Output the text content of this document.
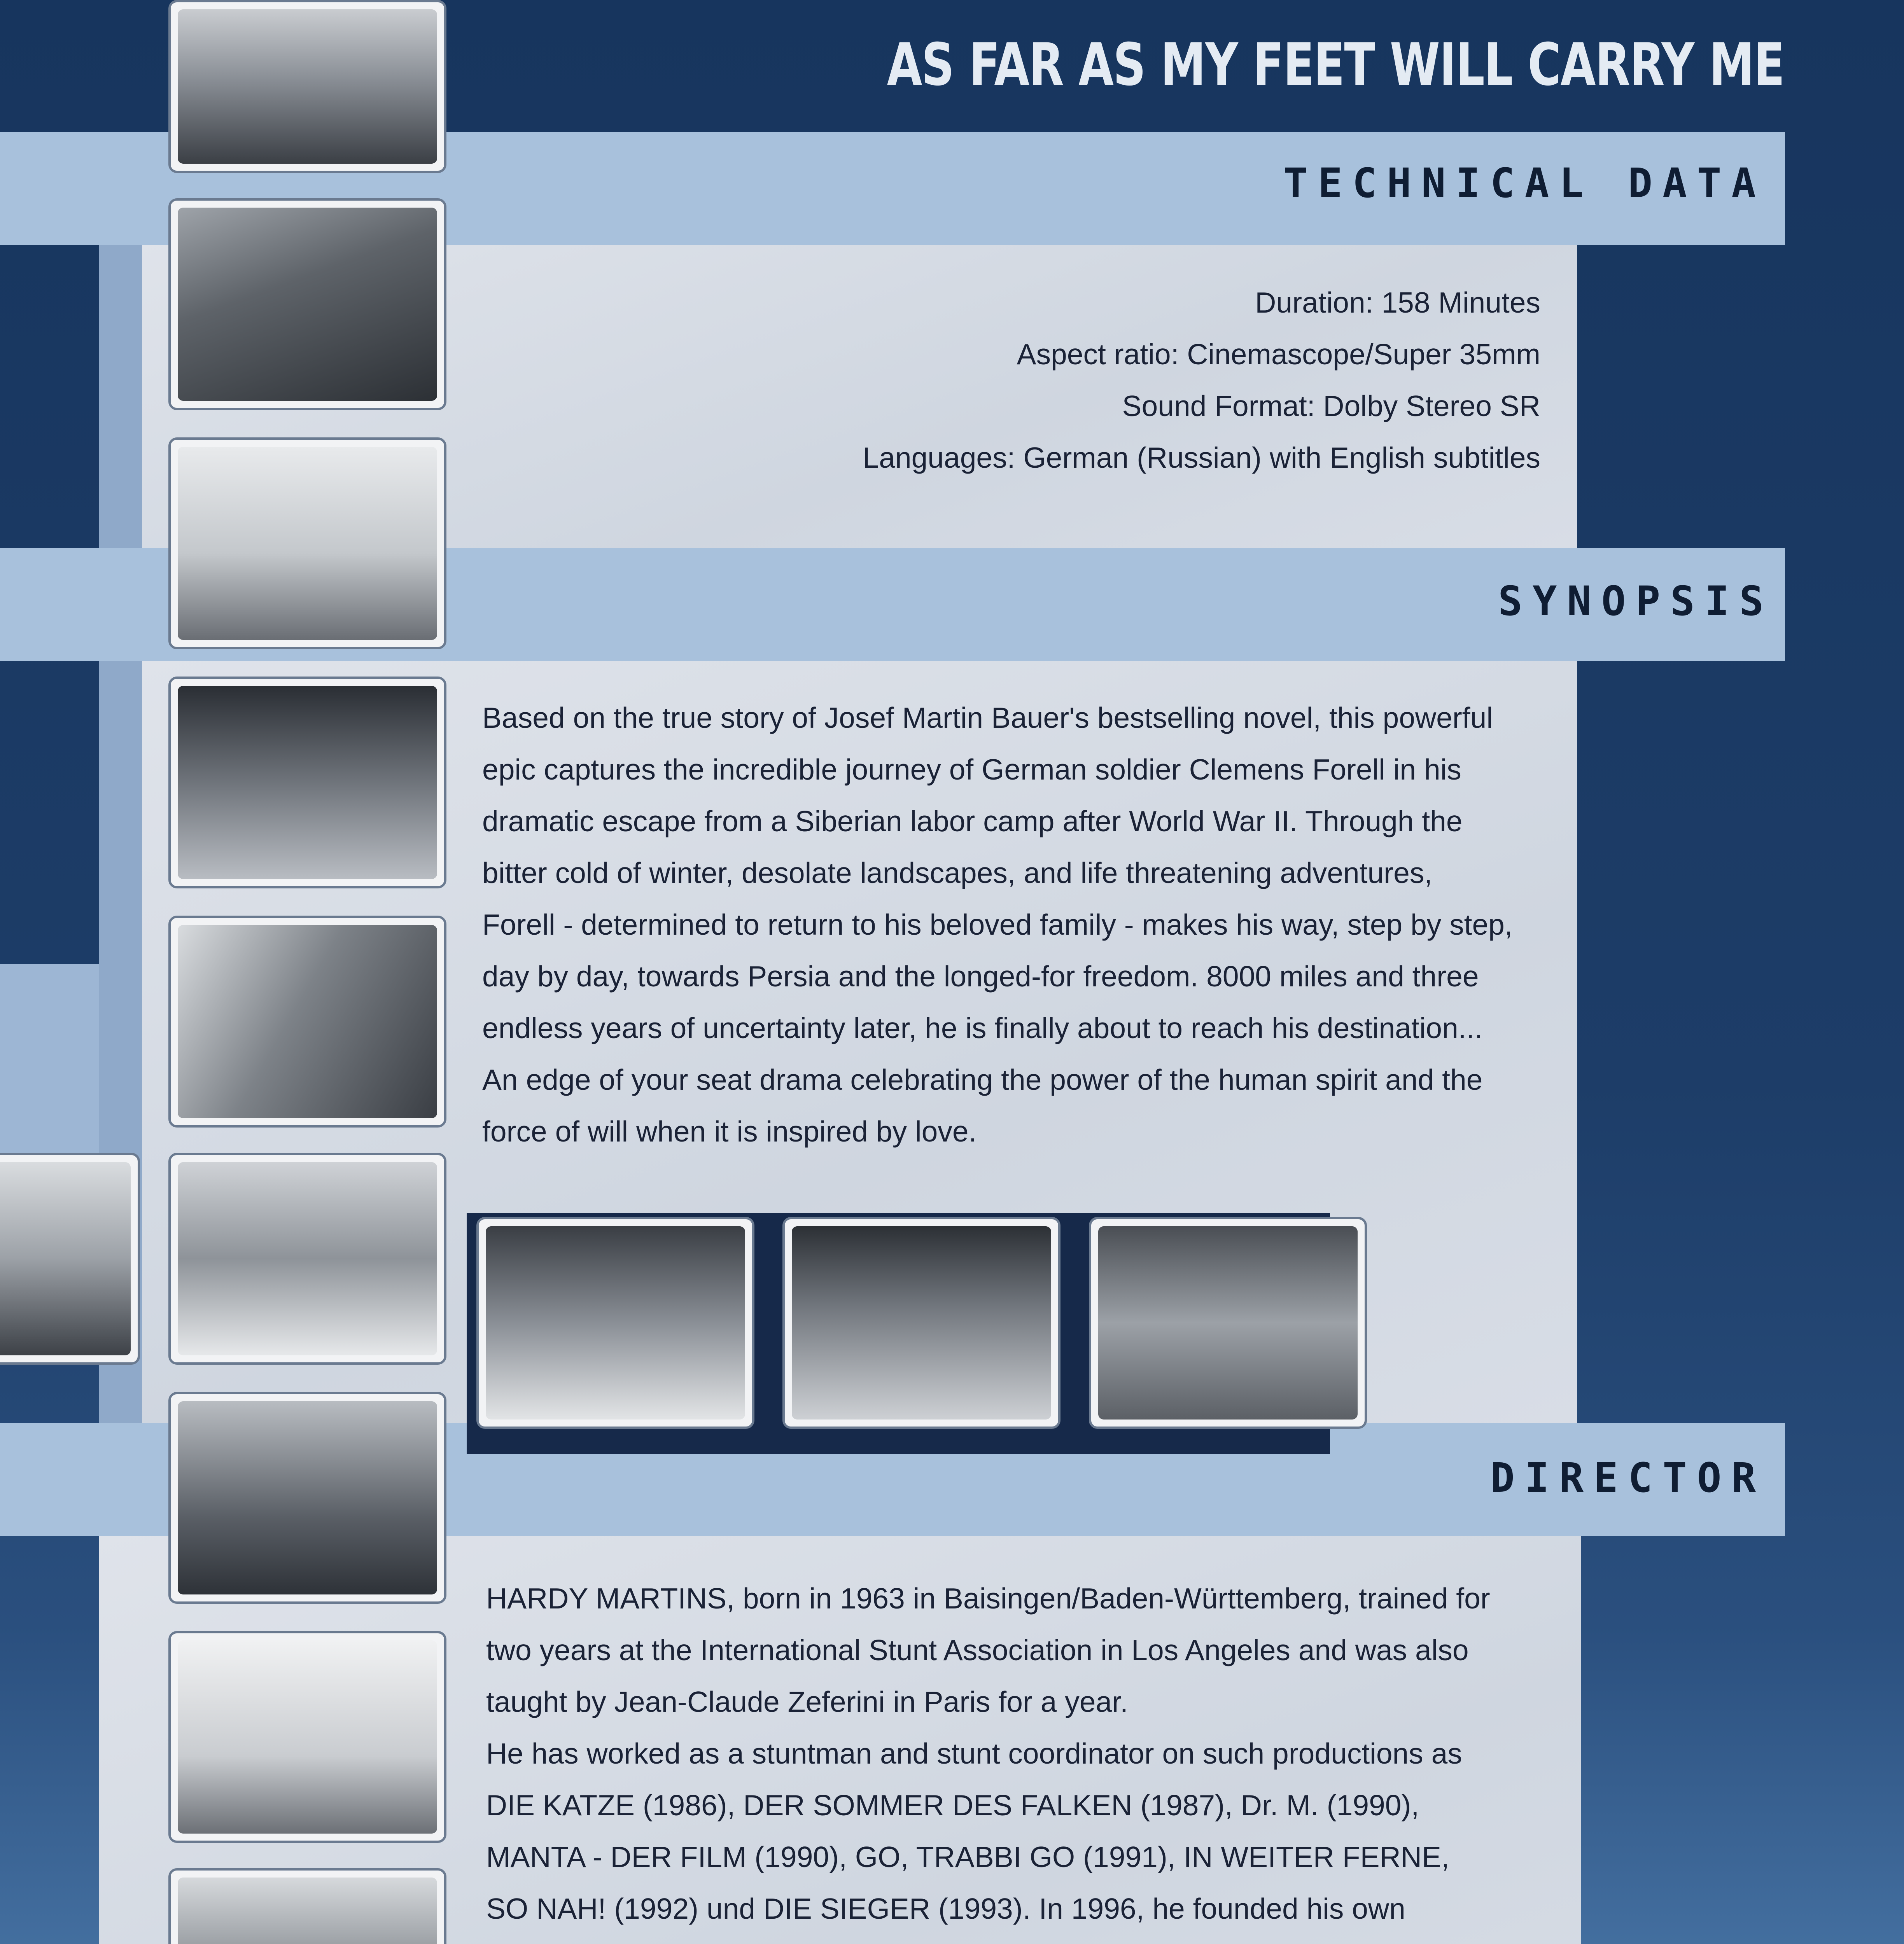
AS FAR AS MY FEET WILL CARRY ME
TECHNICAL DATA
SYNOPSIS
DIRECTOR
Duration: 158 Minutes
Aspect ratio: Cinemascope/Super 35mm
Sound Format: Dolby Stereo SR
Languages: German (Russian) with English subtitles
Based on the true story of Josef Martin Bauer's bestselling novel, this powerful
epic captures the incredible journey of German soldier Clemens Forell in his
dramatic escape from a Siberian labor camp after World War II. Through the
bitter cold of winter, desolate landscapes, and life threatening adventures,
Forell - determined to return to his beloved family - makes his way, step by step,
day by day, towards Persia and the longed-for freedom. 8000 miles and three
endless years of uncertainty later, he is finally about to reach his destination...
An edge of your seat drama celebrating the power of the human spirit and the
force of will when it is inspired by love.
HARDY MARTINS, born in 1963 in Baisingen/Baden-Württemberg, trained for
two years at the International Stunt Association in Los Angeles and was also
taught by Jean-Claude Zeferini in Paris for a year.
He has worked as a stuntman and stunt coordinator on such productions as
DIE KATZE (1986), DER SOMMER DES FALKEN (1987), Dr. M. (1990),
MANTA - DER FILM (1990), GO, TRABBI GO (1991), IN WEITER FERNE,
SO NAH! (1992) und DIE SIEGER (1993). In 1996, he founded his own
